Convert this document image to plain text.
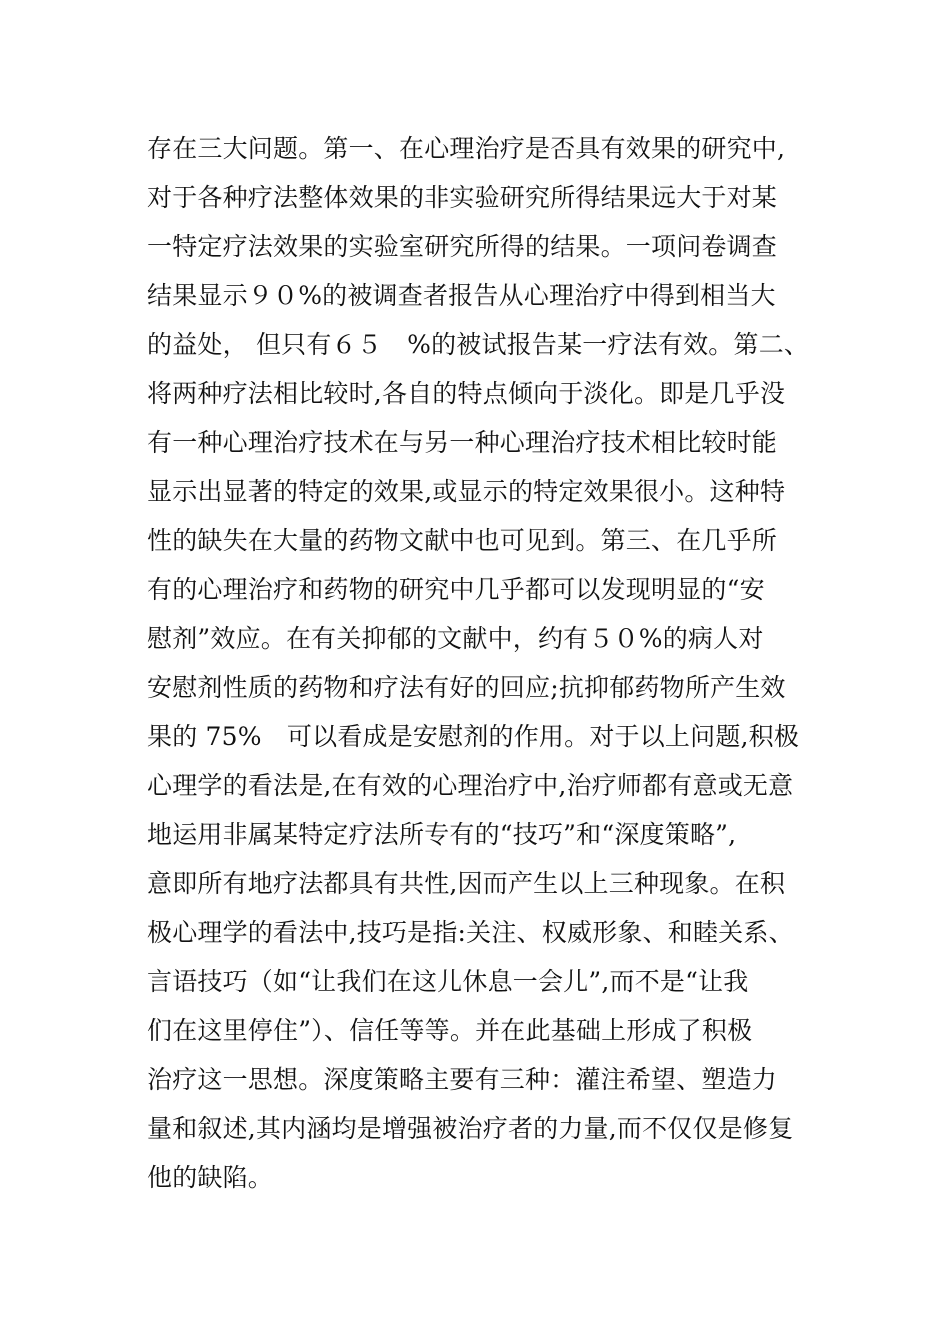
存在三大问题。第一、在心理治疗是否具有效果的研究中,
对于各种疗法整体效果的非实验研究所得结果远大于对某
一特定疗法效果的实验室研究所得的结果。一项问卷调查
结果显示９０%的被调查者报告从心理治疗中得到相当大
的益处， 但只有６５　%的被试报告某一疗法有效。第二、
将两种疗法相比较时,各自的特点倾向于淡化。即是几乎没
有一种心理治疗技术在与另一种心理治疗技术相比较时能
显示出显著的特定的效果,或显示的特定效果很小。这种特
性的缺失在大量的药物文献中也可见到。第三、在几乎所
有的心理治疗和药物的研究中几乎都可以发现明显的“安
慰剂”效应。在有关抑郁的文献中，约有５０%的病人对
安慰剂性质的药物和疗法有好的回应;抗抑郁药物所产生效
果的 75%　可以看成是安慰剂的作用。对于以上问题,积极
心理学的看法是,在有效的心理治疗中,治疗师都有意或无意
地运用非属某特定疗法所专有的“技巧”和“深度策略”,
意即所有地疗法都具有共性,因而产生以上三种现象。在积
极心理学的看法中,技巧是指:关注、权威形象、和睦关系、
言语技巧（如“让我们在这儿休息一会儿”,而不是“让我
们在这里停住”）、信任等等。并在此基础上形成了积极
治疗这一思想。深度策略主要有三种：灌注希望、塑造力
量和叙述,其内涵均是增强被治疗者的力量,而不仅仅是修复
他的缺陷。
